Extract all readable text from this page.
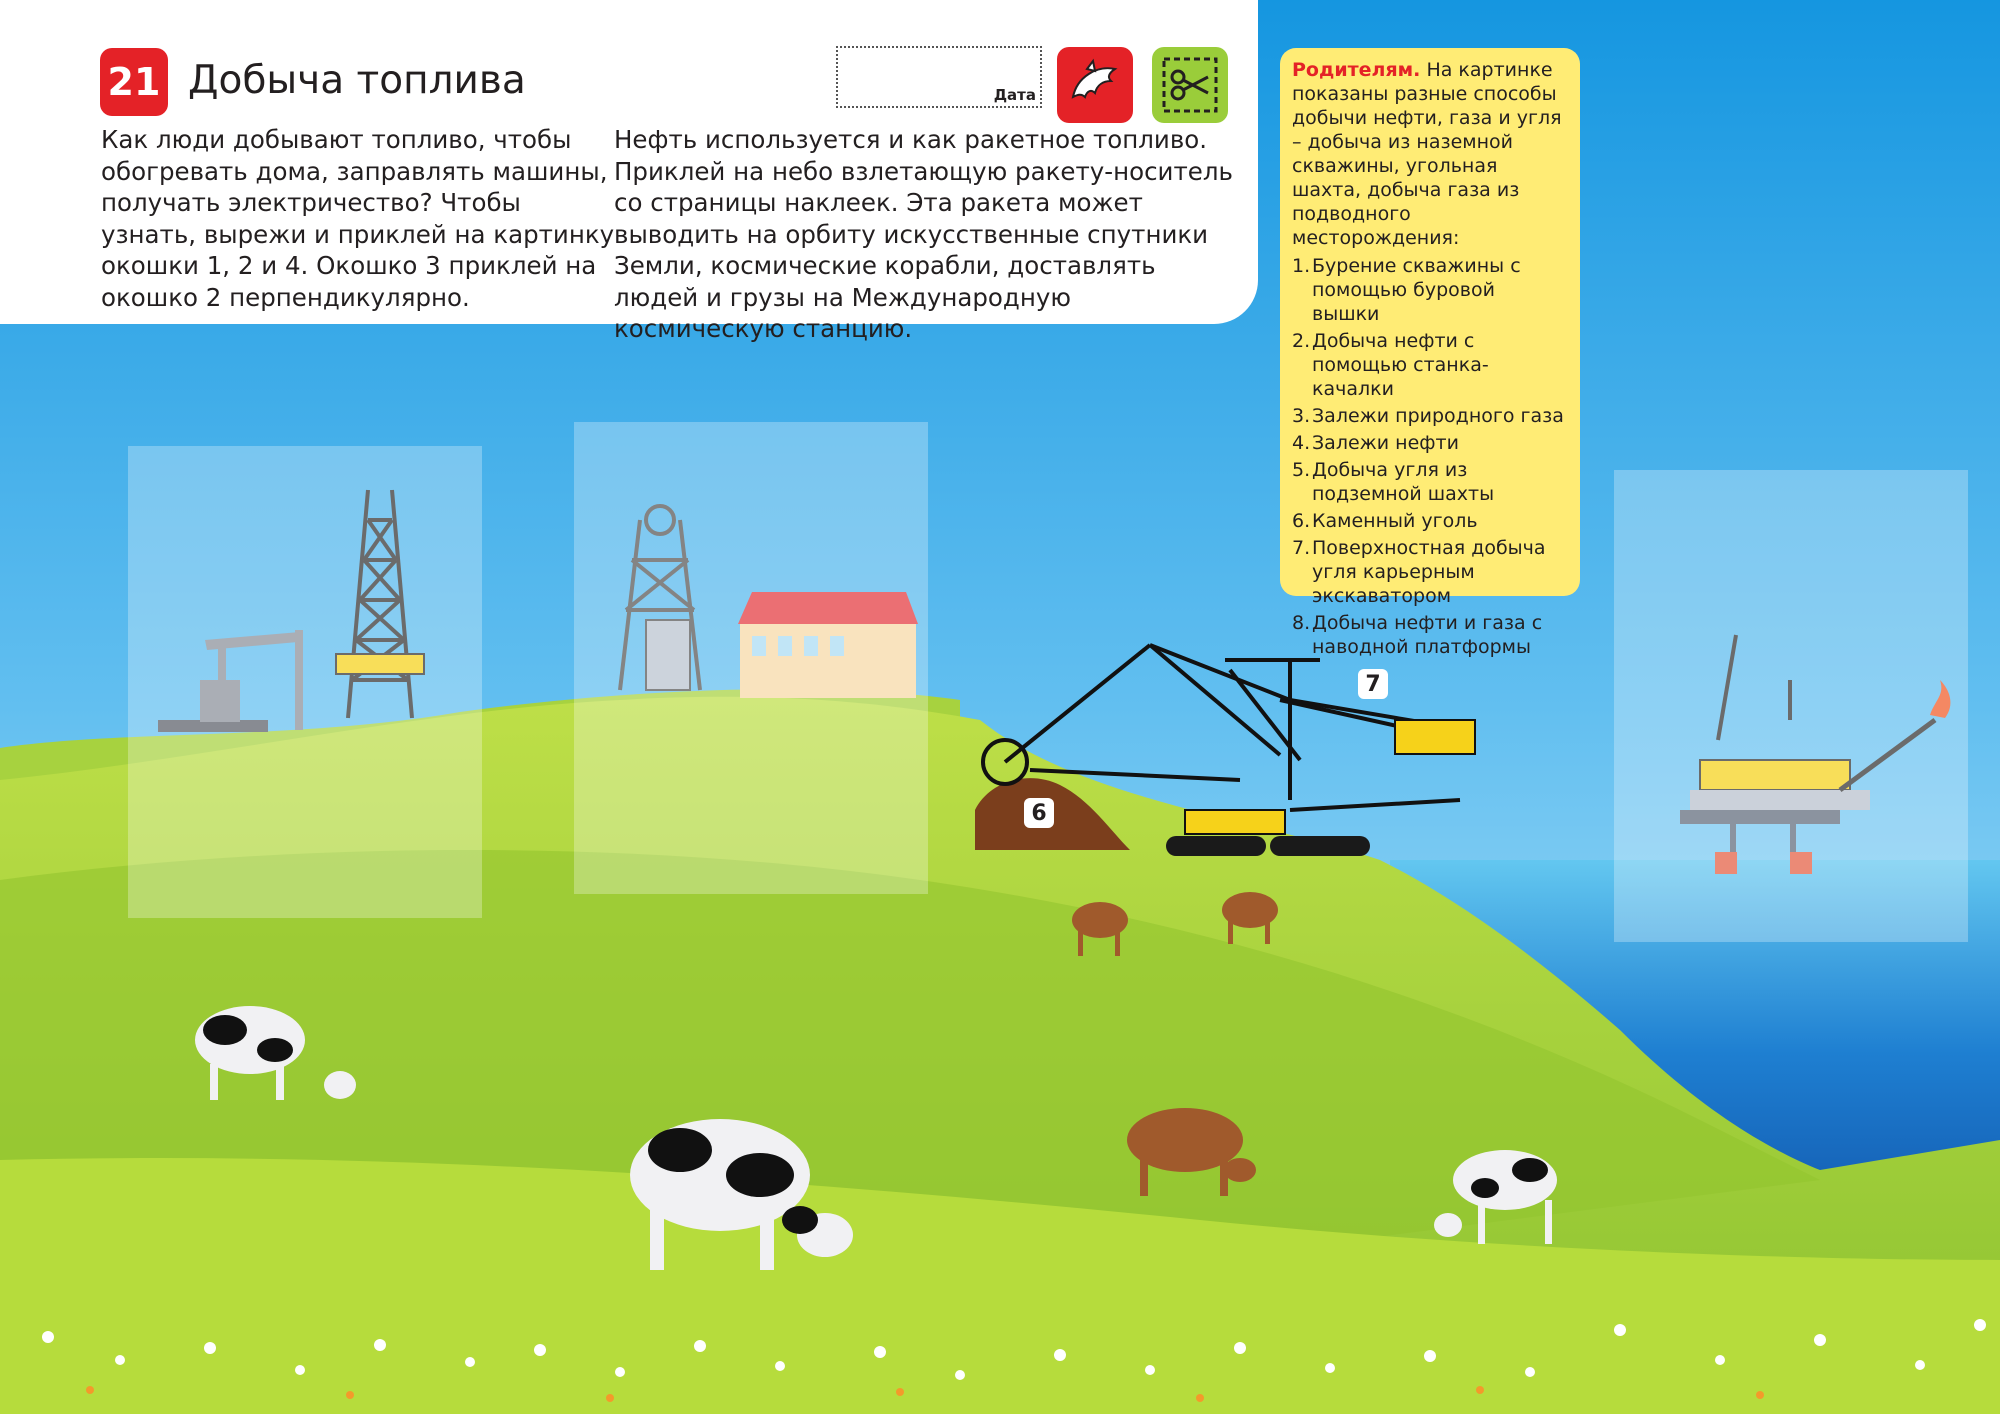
6
7
21 Добыча топлива

Как люди добывают топливо, чтобы обогревать дома, заправлять машины, получать электричество? Чтобы узнать, вырежи и приклей на картинку окошки 1, 2 и 4. Окошко 3 приклей на окошко 2 перпендикулярно.

Нефть используется и как ракетное топливо. Приклей на небо взлетающую ракету-носитель со страницы наклеек. Эта ракета может выводить на орбиту искусственные спутники Земли, космические корабли, доставлять людей и грузы на Международную космическую станцию.

Дата

Родителям. На картинке показаны разные способы добычи нефти, газа и угля – добыча из наземной скважины, угольная шахта, добыча газа из подводного месторождения:

1. Бурение скважины с помощью буровой вышки
2. Добыча нефти с помощью станка-качалки
3. Залежи природного газа
4. Залежи нефти
5. Добыча угля из подземной шахты
6. Каменный уголь
7. Поверхностная добыча угля карьерным экскаватором
8. Добыча нефти и газа с наводной платформы
